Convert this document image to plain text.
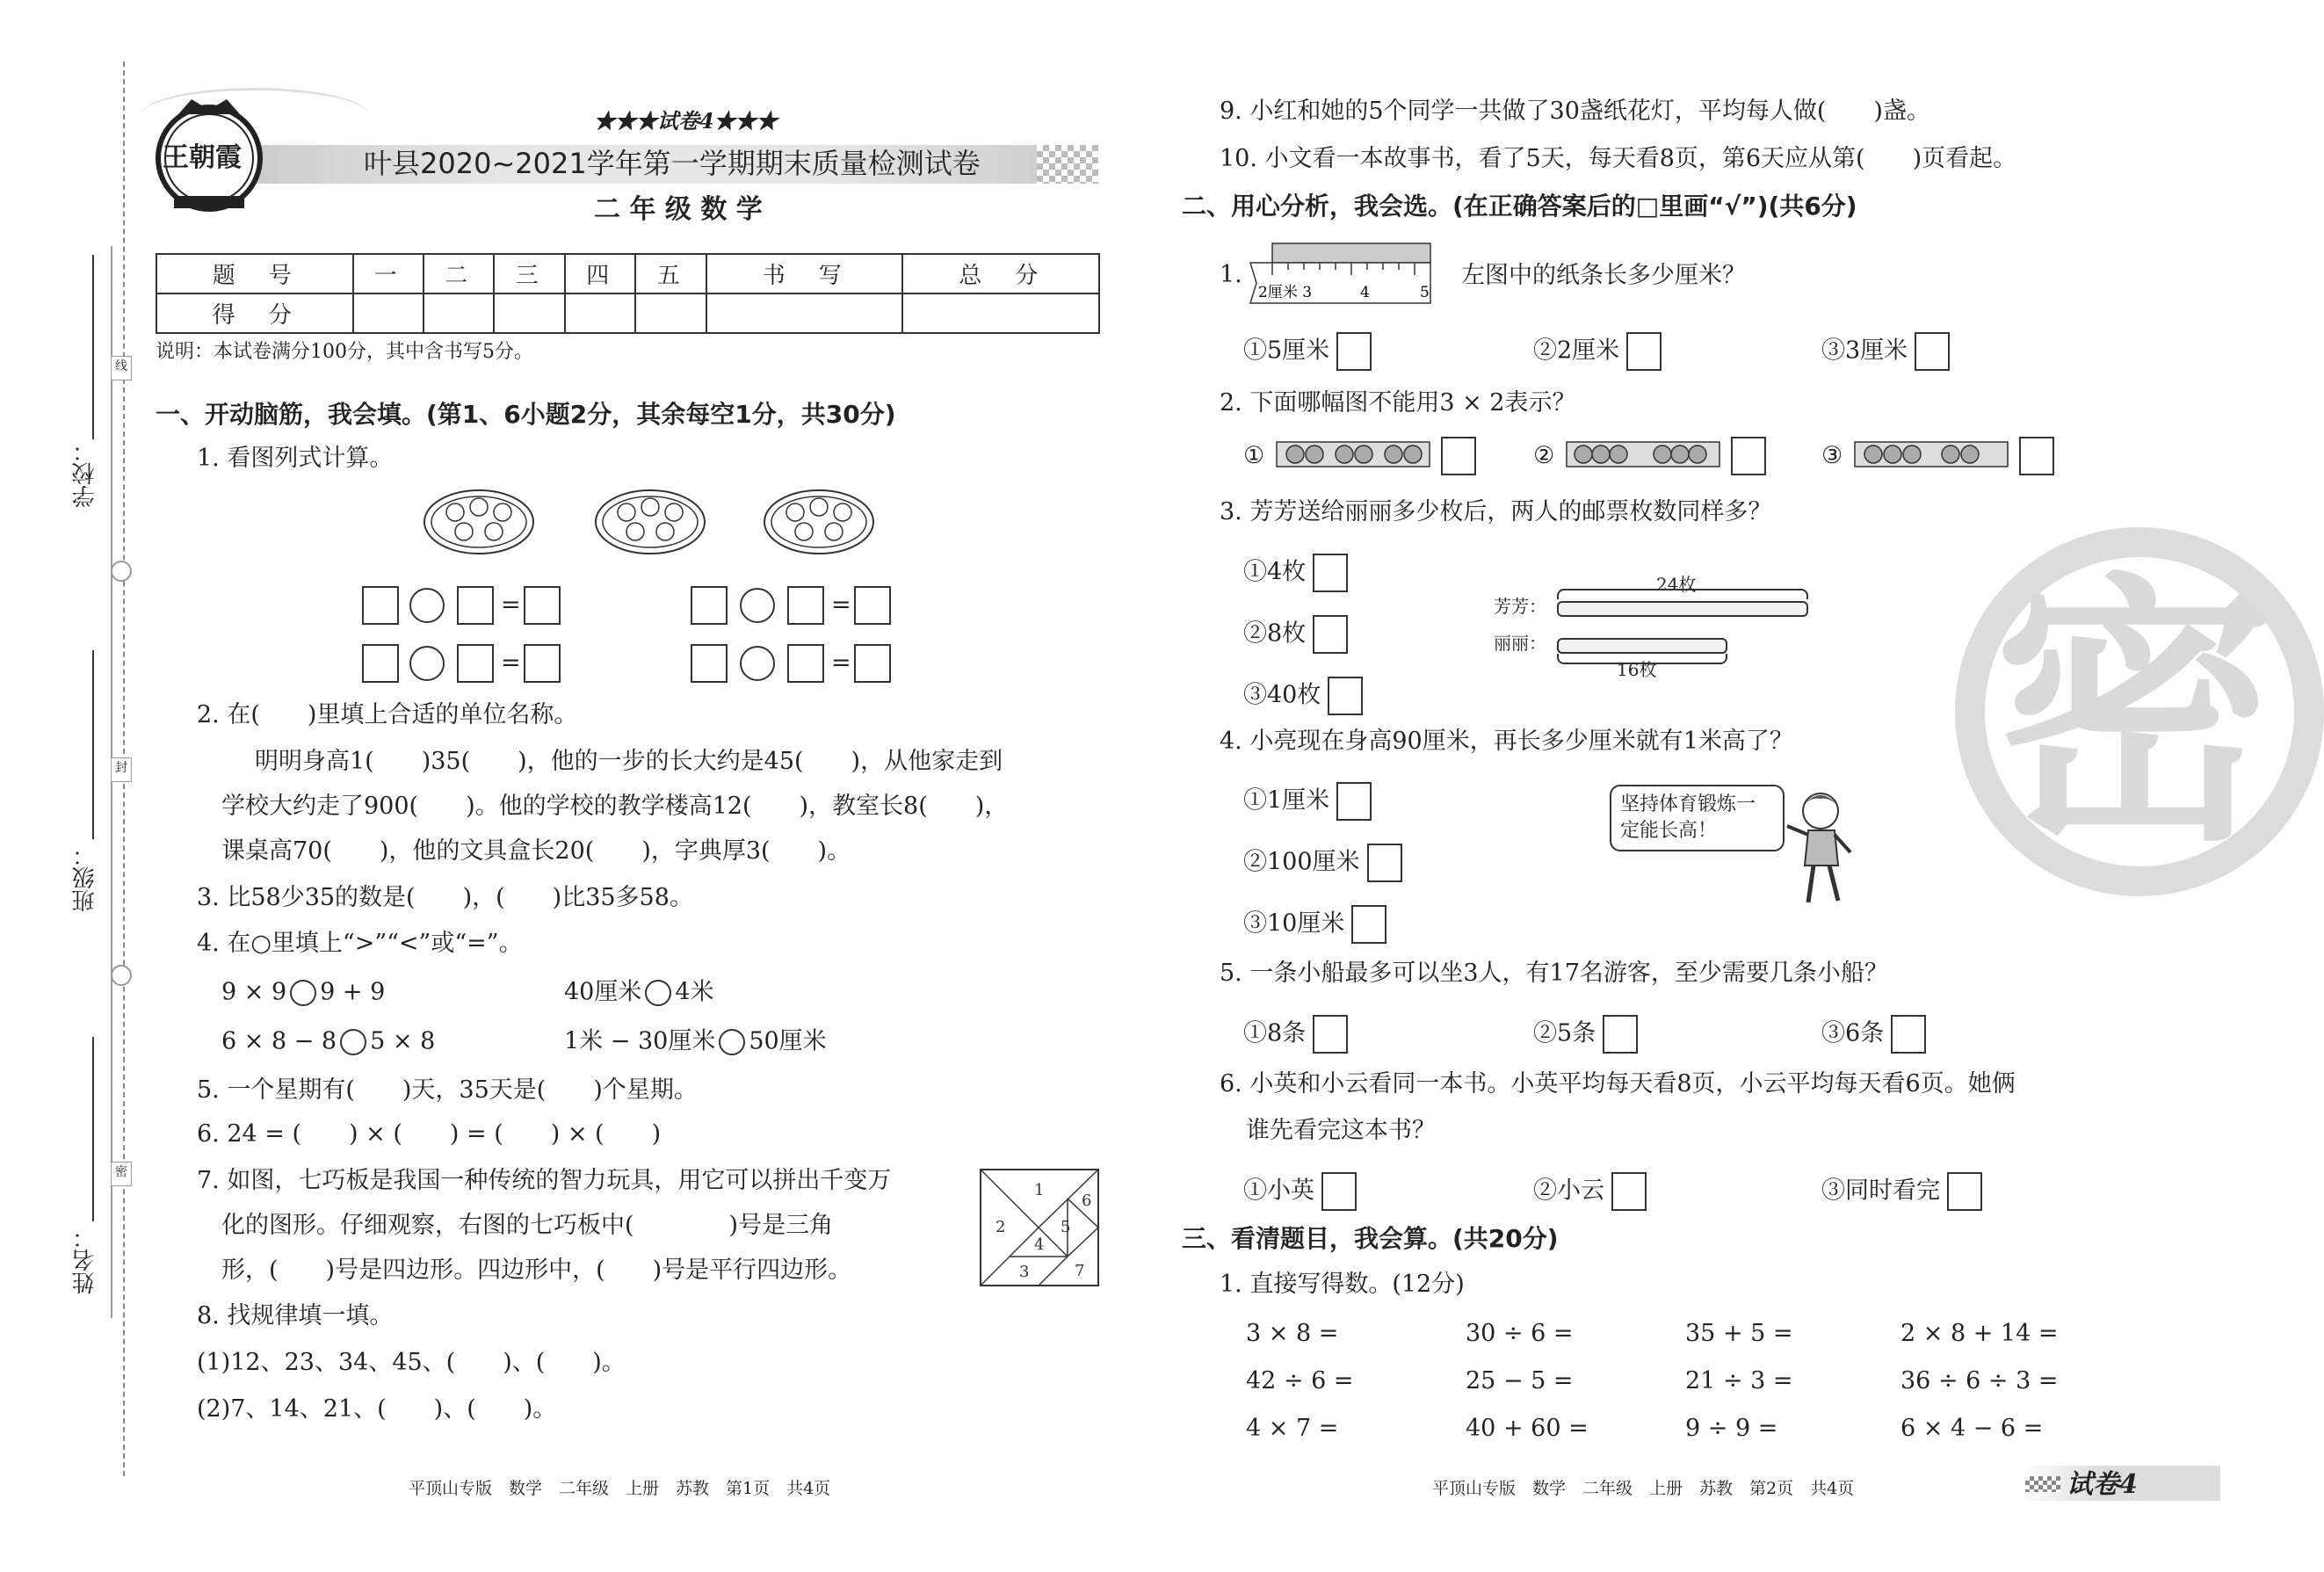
学校：
班级：
姓名：
线
封
密
王朝霞
★★★试卷4★★★
叶县2020~2021学年第一学期期末质量检测试卷
二 年 级 数 学
题　号	一	二	三	四	五	书　写	总　分
得　分							
说明：本试卷满分100分，其中含书写5分。
一、开动脑筋，我会填。(第1、6小题2分，其余每空1分，共30分)
1. 看图列式计算。
=	=
=	=
2. 在(　　)里填上合适的单位名称。
明明身高1(　　)35(　　)，他的一步的长大约是45(　　)，从他家走到
学校大约走了900(　　)。他的学校的教学楼高12(　　)，教室长8(　　)，
课桌高70(　　)，他的文具盒长20(　　)，字典厚3(　　)。
3. 比58少35的数是(　　)，(　　)比35多58。
4. 在○里填上“>”“<”或“=”。
9 × 9 9 + 9	40厘米 4米
6 × 8 − 8 5 × 8	1米 − 30厘米 50厘米
5. 一个星期有(　　)天，35天是(　　)个星期。
6. 24 = (　　) × (　　) = (　　) × (　　)
7. 如图，七巧板是我国一种传统的智力玩具，用它可以拼出千变万
化的图形。仔细观察，右图的七巧板中(　　　　)号是三角
形，(　　)号是四边形。四边形中，(　　)号是平行四边形。
1
2
3
4
5
6
7
8. 找规律填一填。
(1)12、23、34、45、(　　)、(　　)。
(2)7、14、21、(　　)、(　　)。
平顶山专版　数学　二年级　上册　苏教　第1页　共4页
9. 小红和她的5个同学一共做了30盏纸花灯，平均每人做(　　)盏。
10. 小文看一本故事书，看了5天，每天看8页，第6天应从第(　　)页看起。
二、用心分析，我会选。(在正确答案后的□里画“√”)(共6分)
1.
2厘米 3	4	5
左图中的纸条长多少厘米？
①5厘米	②2厘米	③3厘米
2. 下面哪幅图不能用3 × 2表示？
①	②	③
3. 芳芳送给丽丽多少枚后，两人的邮票枚数同样多？
①4枚
②8枚
③40枚
24枚
芳芳：
丽丽：
16枚
4. 小亮现在身高90厘米，再长多少厘米就有1米高了？
①1厘米
②100厘米
③10厘米
坚持体育锻炼一
定能长高！
5. 一条小船最多可以坐3人，有17名游客，至少需要几条小船？
①8条	②5条	③6条
6. 小英和小云看同一本书。小英平均每天看8页，小云平均每天看6页。她俩
谁先看完这本书？
①小英	②小云	③同时看完
三、看清题目，我会算。(共20分)
1. 直接写得数。(12分)
3 × 8 =	30 ÷ 6 =	35 + 5 =	2 × 8 + 14 =
42 ÷ 6 =	25 − 5 =	21 ÷ 3 =	36 ÷ 6 ÷ 3 =
4 × 7 =	40 + 60 =	9 ÷ 9 =	6 × 4 − 6 =
平顶山专版　数学　二年级　上册　苏教　第2页　共4页	试卷4
密
